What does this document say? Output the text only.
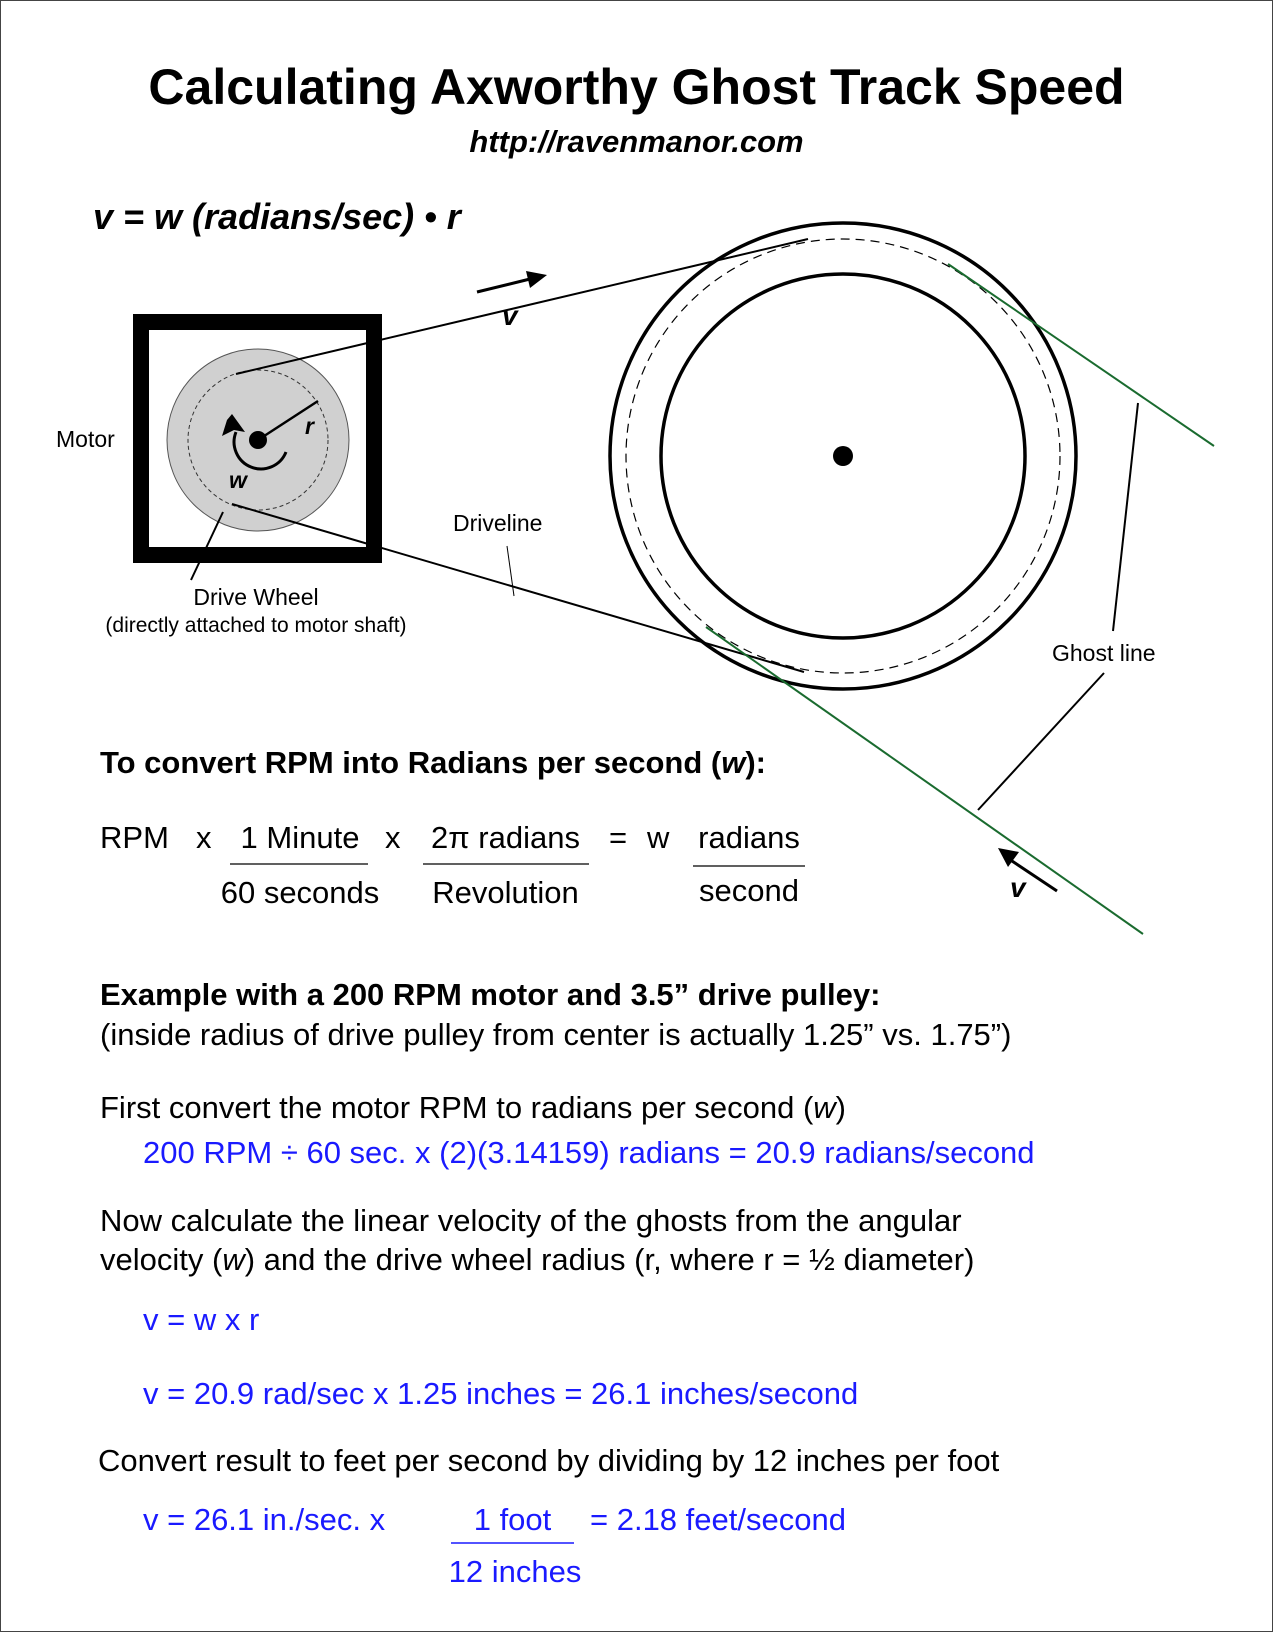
Calculating Axworthy Ghost Track Speed
http://ravenmanor.com
v = w (radians/sec) • r
Motor	r
w
v
v
Drive Wheel
(directly attached to motor shaft)
Driveline
Ghost line
To convert RPM into Radians per second (w):
RPM x 1 Minute
60 seconds
x 2π radians
Revolution
= w radians
second
Example with a 200 RPM motor and 3.5” drive pulley:
(inside radius of drive pulley from center is actually 1.25” vs. 1.75”)
First convert the motor RPM to radians per second (w)
200 RPM ÷ 60 sec. x (2)(3.14159) radians = 20.9 radians/second
Now calculate the linear velocity of the ghosts from the angular
velocity (w) and the drive wheel radius (r, where r = ½ diameter)
v = w x r
v = 20.9 rad/sec x 1.25 inches = 26.1 inches/second
Convert result to feet per second by dividing by 12 inches per foot
v = 26.1 in./sec. x	1 foot
12 inches
= 2.18 feet/second
